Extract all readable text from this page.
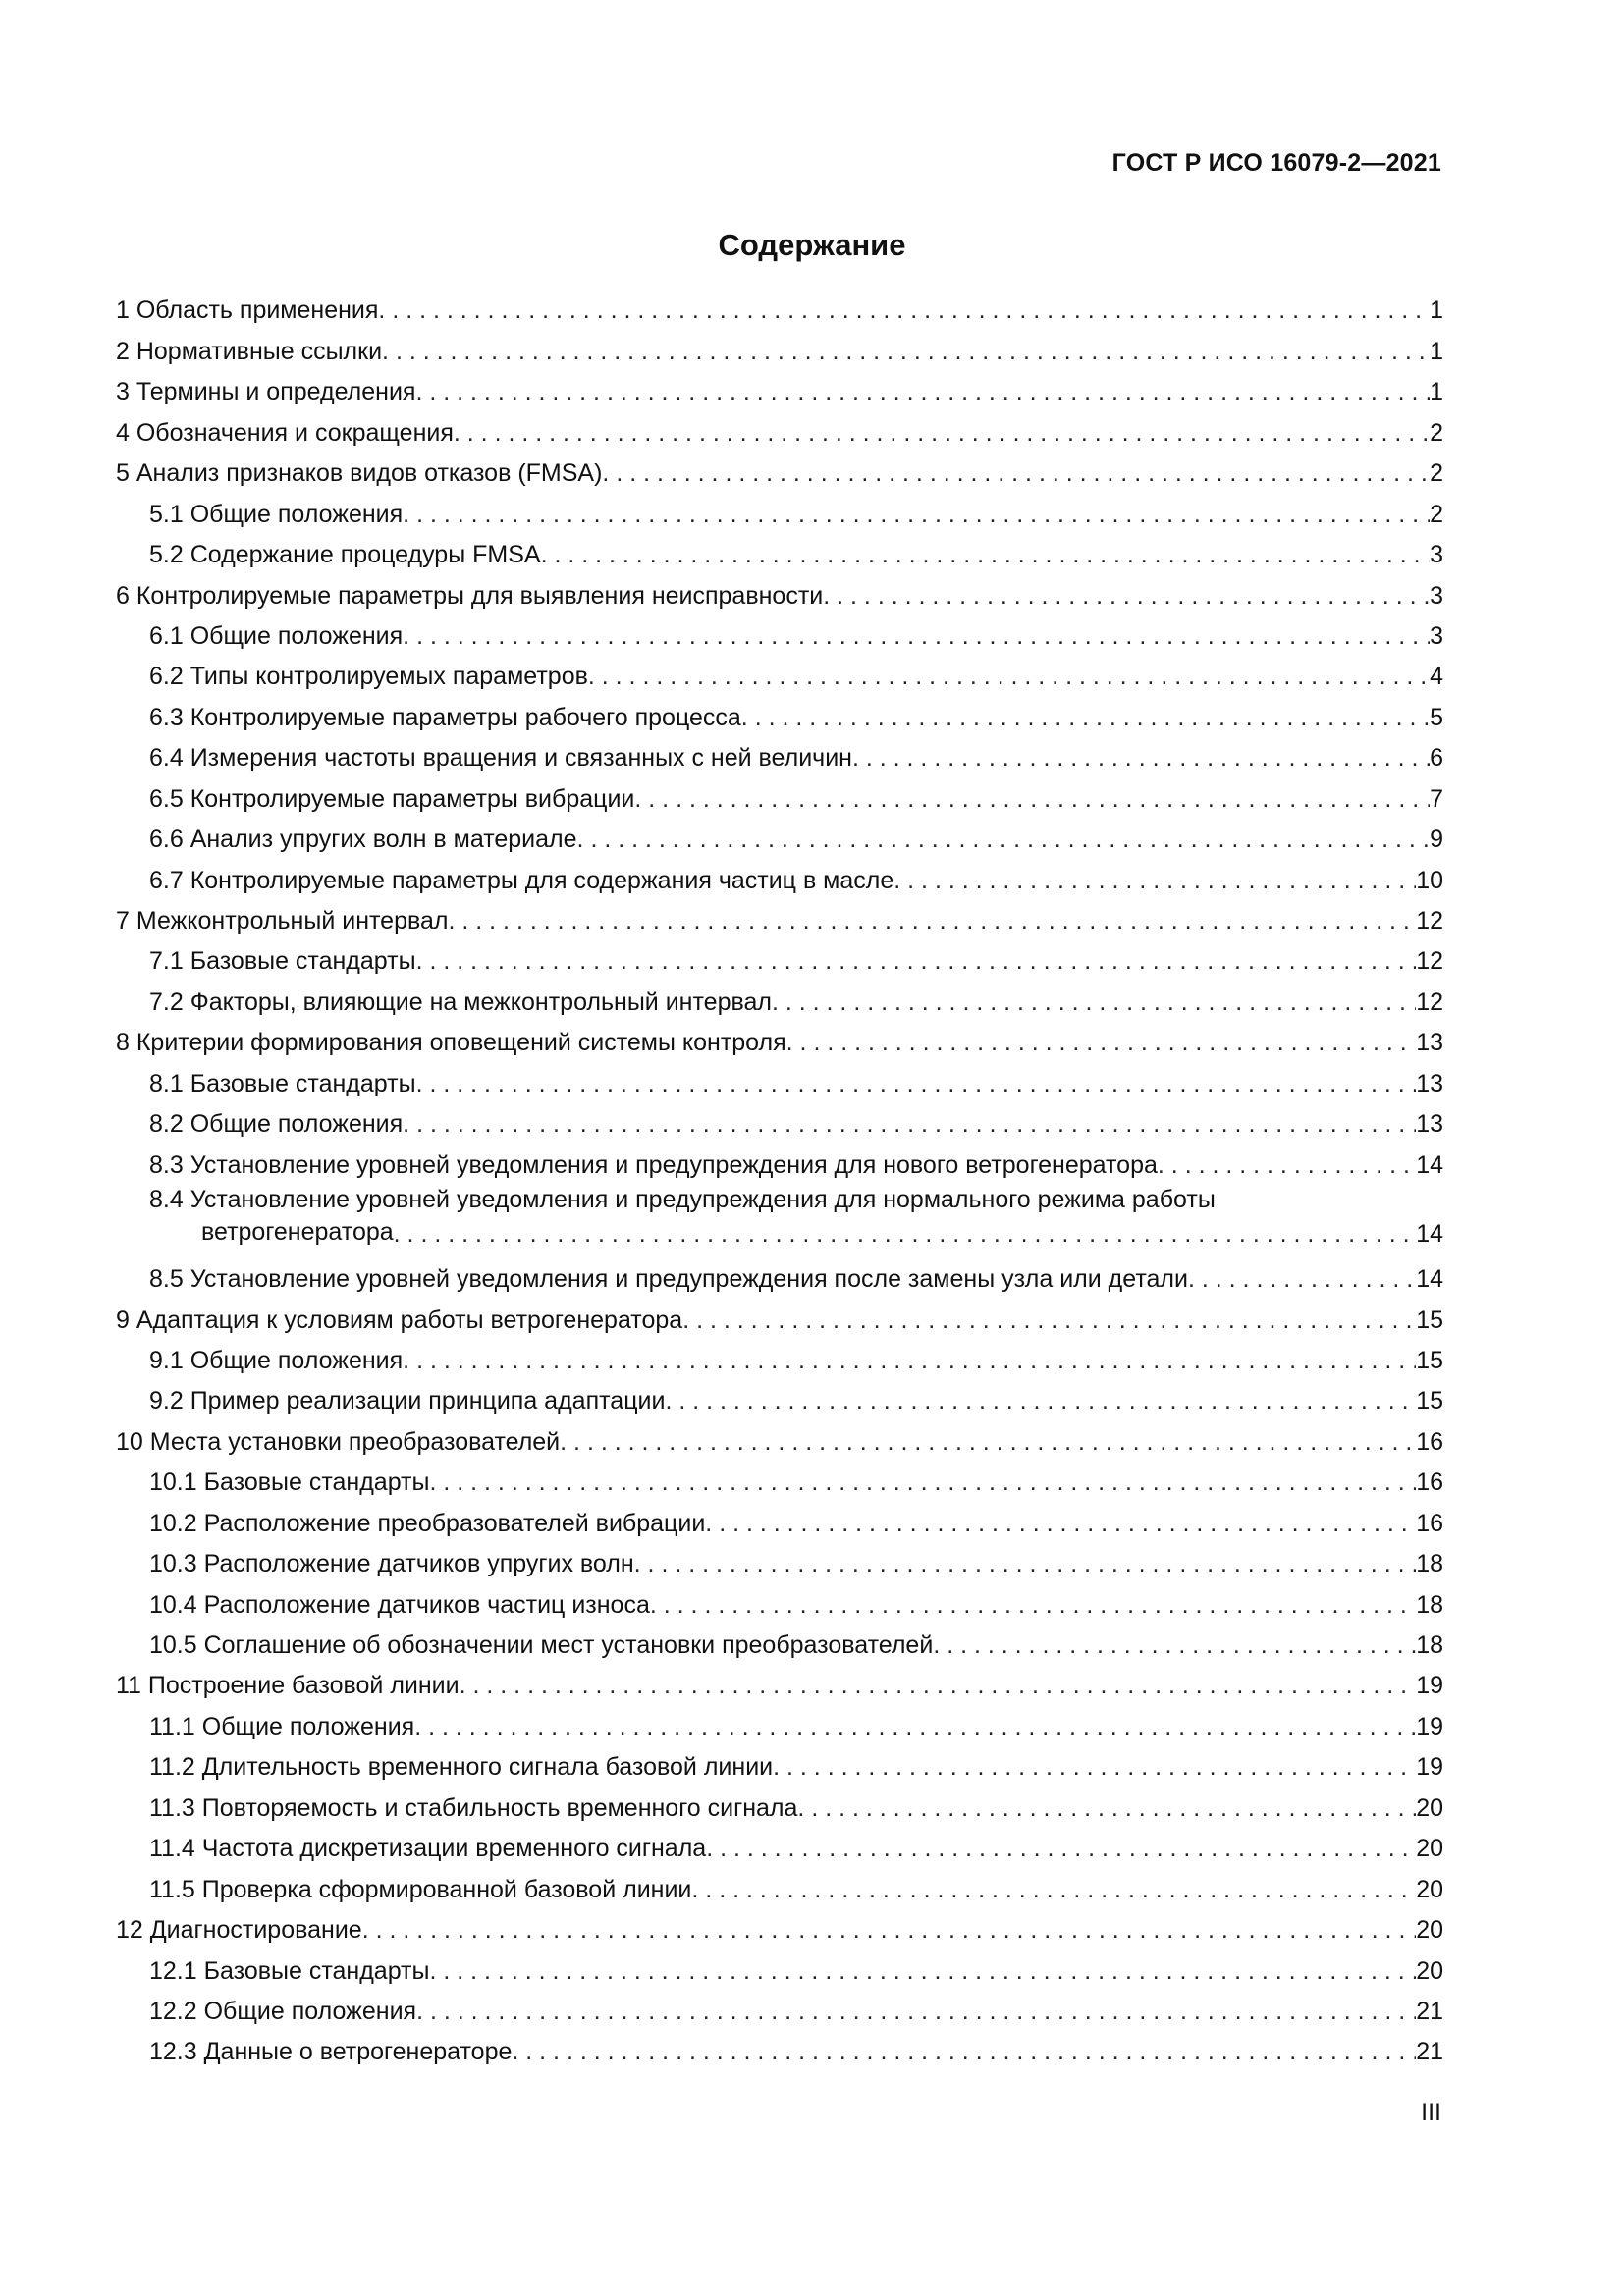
ГОСТ Р ИСО 16079-2—2021
Содержание
1 Область применения . . .	1
2 Нормативные ссылки . . .	1
3 Термины и определения . . .	1
4 Обозначения и сокращения . . .	2
5 Анализ признаков видов отказов (FMSA) . . .	2
5.1 Общие положения . . .	2
5.2 Содержание процедуры FMSA . . .	3
6 Контролируемые параметры для выявления неисправности . . .	3
6.1 Общие положения . . .	3
6.2 Типы контролируемых параметров . . .	4
6.3 Контролируемые параметры рабочего процесса . . .	5
6.4 Измерения частоты вращения и связанных с ней величин . . .	6
6.5 Контролируемые параметры вибрации . . .	7
6.6 Анализ упругих волн в материале . . .	9
6.7 Контролируемые параметры для содержания частиц в масле . . .	10
7 Межконтрольный интервал . . .	12
7.1 Базовые стандарты . . .	12
7.2 Факторы, влияющие на межконтрольный интервал . . .	12
8 Критерии формирования оповещений системы контроля . . .	13
8.1 Базовые стандарты . . .	13
8.2 Общие положения . . .	13
8.3 Установление уровней уведомления и предупреждения для нового ветрогенератора . . .	14
8.4 Установление уровней уведомления и предупреждения для нормального режима работы
ветрогенератора . . .	14
8.5 Установление уровней уведомления и предупреждения после замены узла или детали . . .	14
9 Адаптация к условиям работы ветрогенератора . . .	15
9.1 Общие положения . . .	15
9.2 Пример реализации принципа адаптации . . .	15
10 Места установки преобразователей . . .	16
10.1 Базовые стандарты . . .	16
10.2 Расположение преобразователей вибрации . . .	16
10.3 Расположение датчиков упругих волн . . .	18
10.4 Расположение датчиков частиц износа . . .	18
10.5 Соглашение об обозначении мест установки преобразователей . . .	18
11 Построение базовой линии . . .	19
11.1 Общие положения . . .	19
11.2 Длительность временного сигнала базовой линии . . .	19
11.3 Повторяемость и стабильность временного сигнала . . .	20
11.4 Частота дискретизации временного сигнала . . .	20
11.5 Проверка сформированной базовой линии . . .	20
12 Диагностирование . . .	20
12.1 Базовые стандарты . . .	20
12.2 Общие положения . . .	21
12.3 Данные о ветрогенераторе . . .	21
III
